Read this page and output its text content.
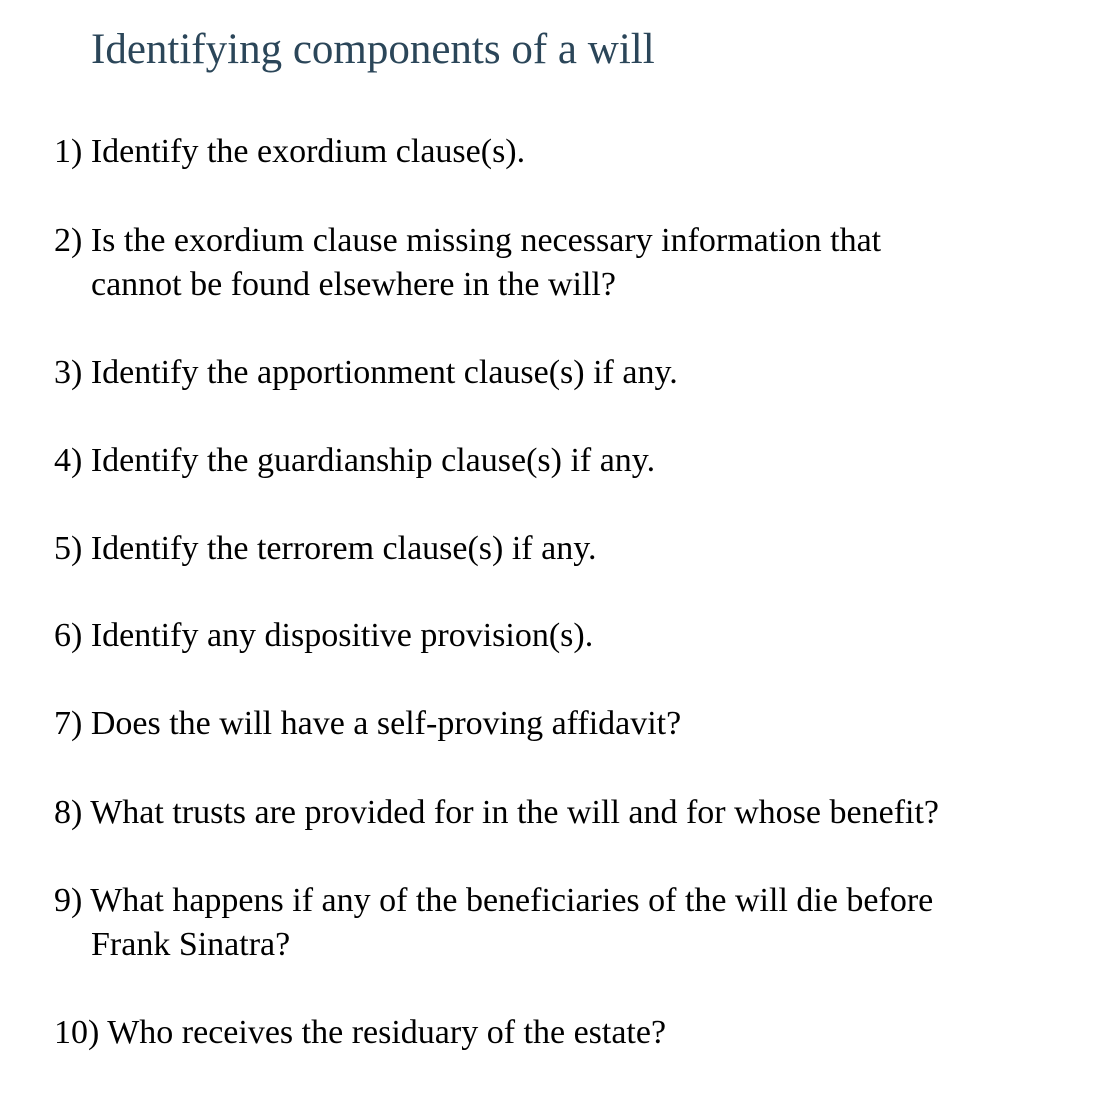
Identifying components of a will

1) Identify the exordium clause(s).

2) Is the exordium clause missing necessary information that
cannot be found elsewhere in the will?

3) Identify the apportionment clause(s) if any.

4) Identify the guardianship clause(s) if any.

5) Identify the terrorem clause(s) if any.

6) Identify any dispositive provision(s).

7) Does the will have a self-proving affidavit?

8) What trusts are provided for in the will and for whose benefit?

9) What happens if any of the beneficiaries of the will die before
Frank Sinatra?

10) Who receives the residuary of the estate?
